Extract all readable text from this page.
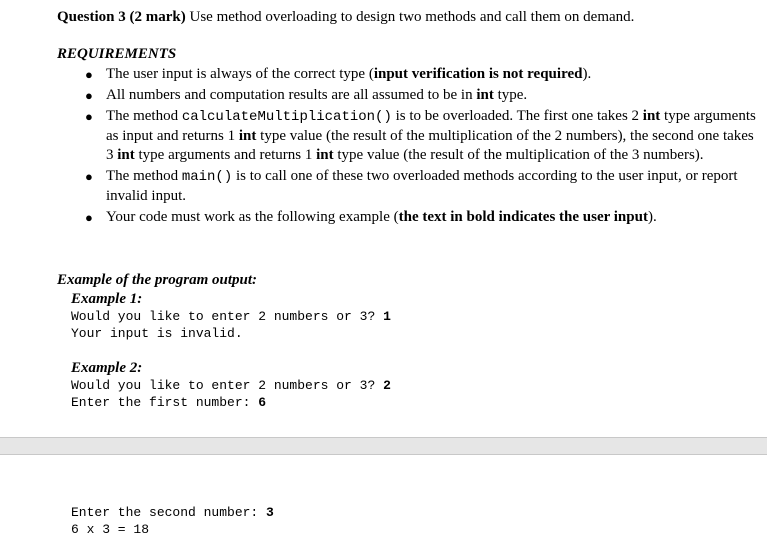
Question 3 (2 mark) Use method overloading to design two methods and call them on demand.
REQUIREMENTS
● The user input is always of the correct type (input verification is not required).
● All numbers and computation results are all assumed to be in int type.
● The method calculateMultiplication() is to be overloaded. The first one takes 2 int type arguments as input and returns 1 int type value (the result of the multiplication of the 2 numbers), the second one takes 3 int type arguments and returns 1 int type value (the result of the multiplication of the 3 numbers).
● The method main() is to call one of these two overloaded methods according to the user input, or report invalid input.
● Your code must work as the following example (the text in bold indicates the user input).
Example of the program output:
Example 1:
Would you like to enter 2 numbers or 3? 1
Your input is invalid.
Example 2:
Would you like to enter 2 numbers or 3? 2
Enter the first number: 6
Enter the second number: 3
6 x 3 = 18
